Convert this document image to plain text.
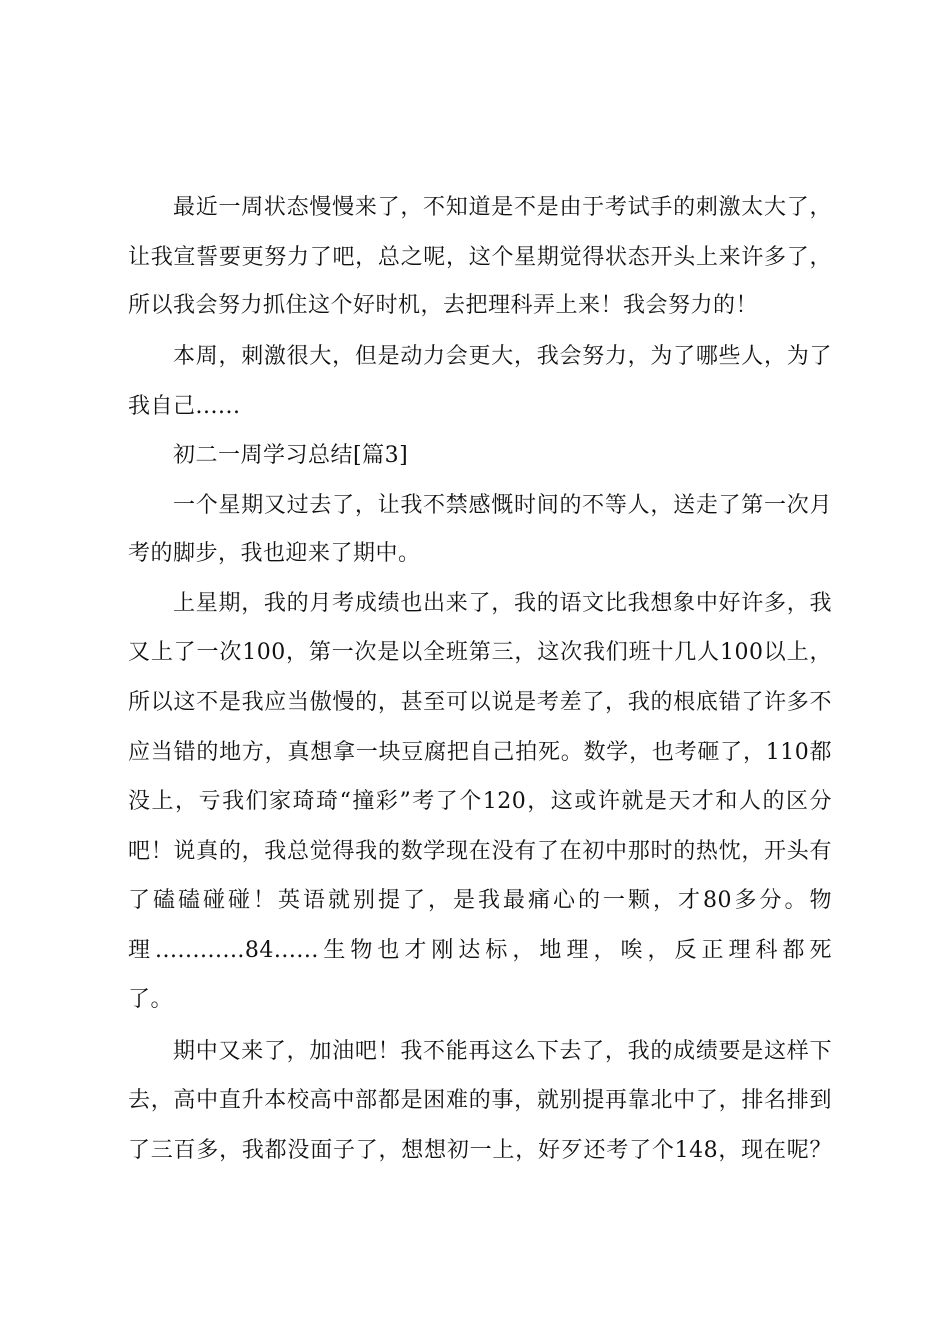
最近一周状态慢慢来了，不知道是不是由于考试手的刺激太大了，
让我宣誓要更努力了吧，总之呢，这个星期觉得状态开头上来许多了，
所以我会努力抓住这个好时机，去把理科弄上来！我会努力的！
本周，刺激很大，但是动力会更大，我会努力，为了哪些人，为了
我自己......
初二一周学习总结[篇3]
一个星期又过去了，让我不禁感慨时间的不等人，送走了第一次月
考的脚步，我也迎来了期中。
上星期，我的月考成绩也出来了，我的语文比我想象中好许多，我
又上了一次100，第一次是以全班第三，这次我们班十几人100以上，
所以这不是我应当傲慢的，甚至可以说是考差了，我的根底错了许多不
应当错的地方，真想拿一块豆腐把自己拍死。数学，也考砸了，110都
没上，亏我们家琦琦“撞彩”考了个120，这或许就是天才和人的区分
吧！说真的，我总觉得我的数学现在没有了在初中那时的热忱，开头有
了磕磕碰碰！英语就别提了，是我最痛心的一颗，才80多分。物
理............84......生物也才刚达标，地理，唉，反正理科都死
了。
期中又来了，加油吧！我不能再这么下去了，我的成绩要是这样下
去，高中直升本校高中部都是困难的事，就别提再靠北中了，排名排到
了三百多，我都没面子了，想想初一上，好歹还考了个148，现在呢？
